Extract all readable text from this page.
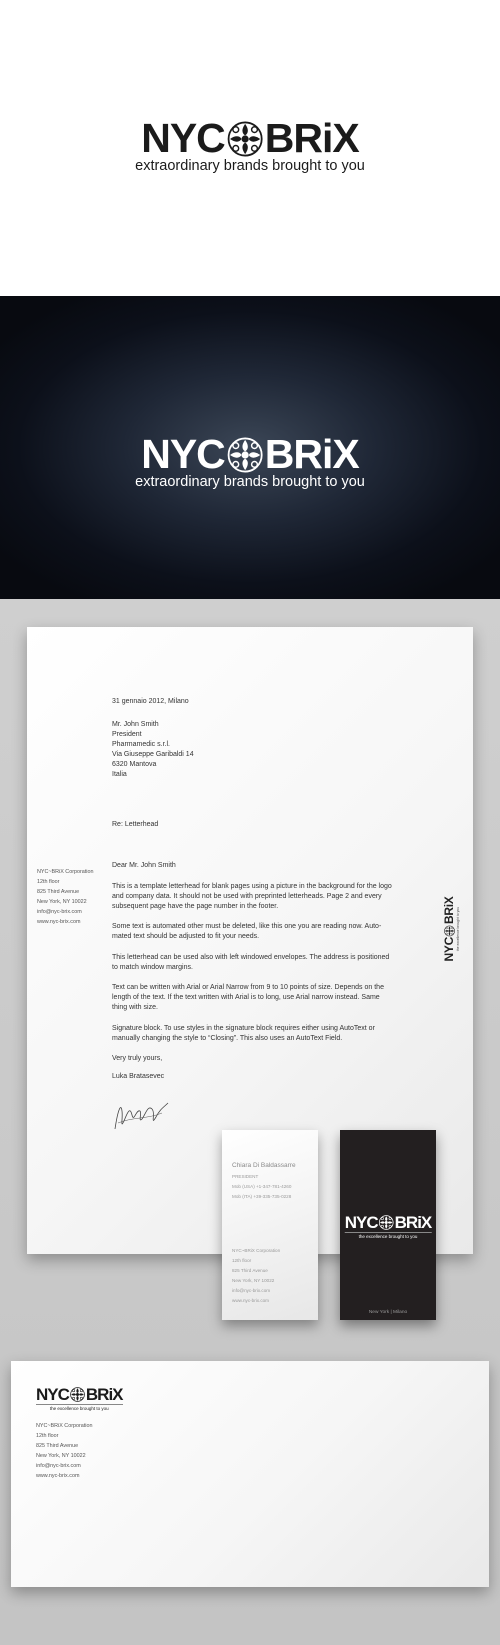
NYC BRiX
extraordinary brands brought to you
NYC BRiX
extraordinary brands brought to you

31 gennaio 2012, Milano

Mr. John Smith
President
Pharmamedic s.r.l.
Via Giuseppe Garibaldi 14
6320 Mantova
Italia

Re: Letterhead

Dear Mr. John Smith

This is a template letterhead for blank pages using a picture in the background for the logo and company data. It should not be used with preprinted letterheads. Page 2 and every subsequent page have the page number in the footer.

Some text is automated other must be deleted, like this one you are reading now. Auto-mated text should be adjusted to fit your needs.

This letterhead can be used also with left windowed envelopes. The address is positioned to match window margins.

Text can be written with Arial or Arial Narrow from 9 to 10 points of size. Depends on the length of the text. If the text written with Arial is to long, use Arial narrow instead. Same thing with size.

Signature block. To use styles in the signature block requires either using AutoText or manually changing the style to “Closing”. This also uses an AutoText Field.

Very truly yours,

Luka Bratasevec

NYC~BRiX Corporation
12th floor
825 Third Avenue
New York, NY 10022
info@nyc-brix.com
www.nyc-brix.com
NYC
BRiX the excellence brought to you
Chiara Di Baldassarre
PRESIDENT
Mob (USA) +1-347-781-4260
Mob (ITA) +39-335-735-0228
NYC~BRiX Corporation
12th floor
825 Third Avenue
New York, NY 10022
info@nyc-brix.com
www.nyc-brix.com
NYC BRiX
the excellence brought to you
New York | Milano
NYC BRiX
the excellence brought to you
NYC~BRiX Corporation
12th floor
825 Third Avenue
New York, NY 10022
info@nyc-brix.com
www.nyc-brix.com
